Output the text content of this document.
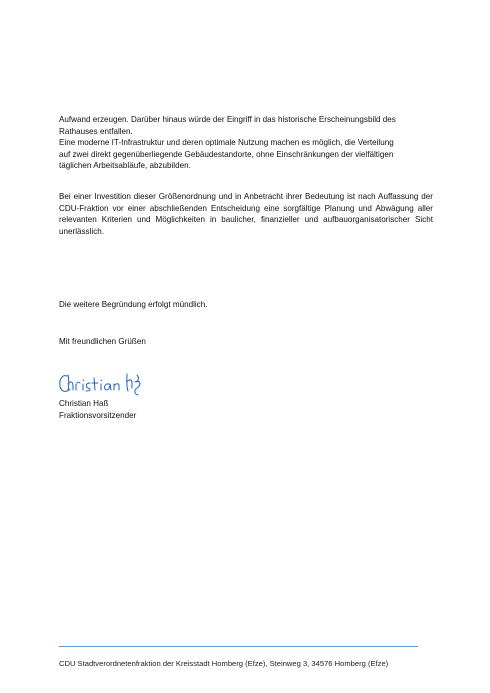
Aufwand erzeugen. Darüber hinaus würde der Eingriff in das historische Erscheinungsbild des
Rathauses entfallen.
Eine moderne IT-Infrastruktur und deren optimale Nutzung machen es möglich, die Verteilung
auf zwei direkt gegenüberliegende Gebäudestandorte, ohne Einschränkungen der vielfältigen
täglichen Arbeitsabläufe, abzubilden.

Bei einer Investition dieser Größenordnung und in Anbetracht ihrer Bedeutung ist nach Auffassung der CDU-Fraktion vor einer abschließenden Entscheidung eine sorgfältige Planung und Abwägung aller relevanten Kriterien und Möglichkeiten in baulicher, finanzieller und aufbauorganisatorischer Sicht unerlässlich.

Die weitere Begründung erfolgt mündlich.

Mit freundlichen Grüßen

Christian Haß
Fraktionsvorsitzender
CDU Stadtverordnetenfraktion der Kreisstadt Homberg (Efze), Steinweg 3, 34576 Homberg (Efze)
